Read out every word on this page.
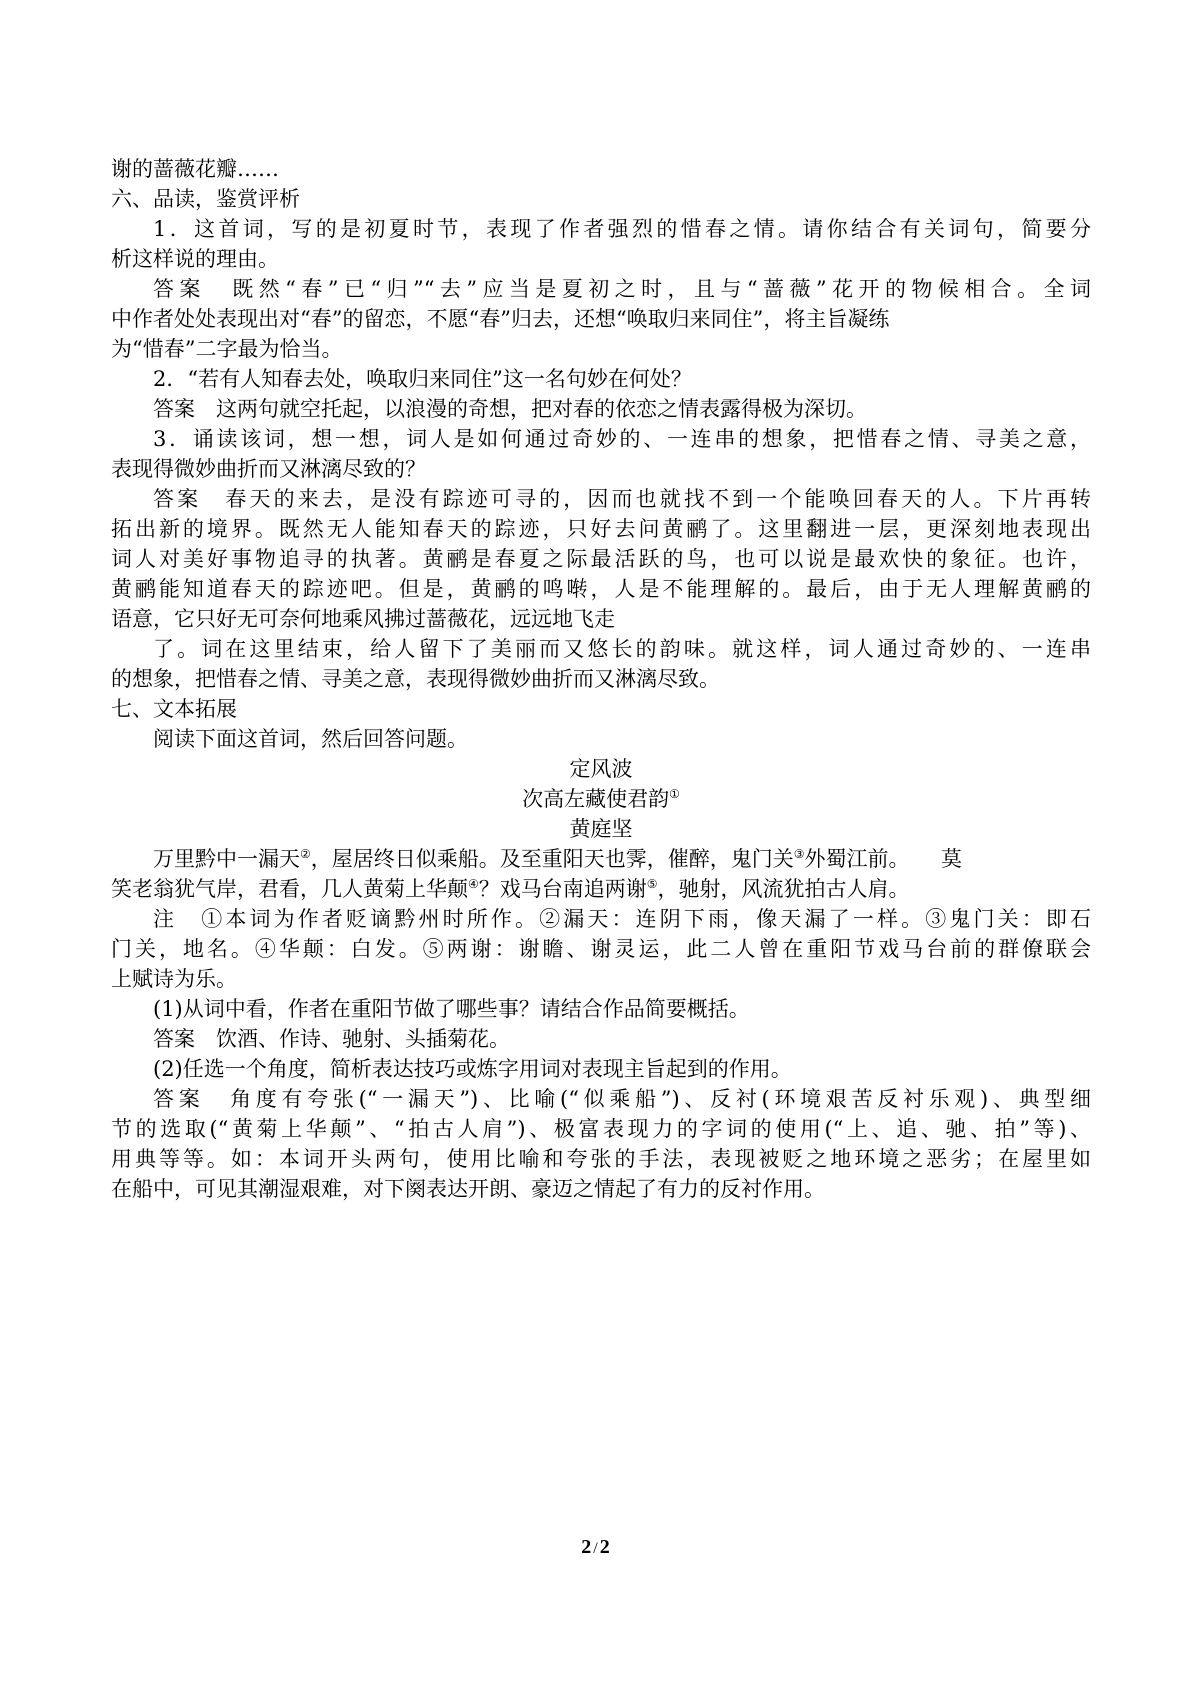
谢的蔷薇花瓣……
六、品读，鉴赏评析
1．这首词，写的是初夏时节，表现了作者强烈的惜春之情。请你结合有关词句，简要分
析这样说的理由。
答案　既然“春”已“归”“去”应当是夏初之时，且与“蔷薇”花开的物候相合。全词
中作者处处表现出对“春”的留恋，不愿“春”归去，还想“唤取归来同住”，将主旨凝练
为“惜春”二字最为恰当。
2．“若有人知春去处，唤取归来同住”这一名句妙在何处？
答案　这两句就空托起，以浪漫的奇想，把对春的依恋之情表露得极为深切。
3．诵读该词，想一想，词人是如何通过奇妙的、一连串的想象，把惜春之情、寻美之意，
表现得微妙曲折而又淋漓尽致的？
答案　春天的来去，是没有踪迹可寻的，因而也就找不到一个能唤回春天的人。下片再转
拓出新的境界。既然无人能知春天的踪迹，只好去问黄鹂了。这里翻进一层，更深刻地表现出
词人对美好事物追寻的执著。黄鹂是春夏之际最活跃的鸟，也可以说是最欢快的象征。也许，
黄鹂能知道春天的踪迹吧。但是，黄鹂的鸣啭，人是不能理解的。最后，由于无人理解黄鹂的
语意，它只好无可奈何地乘风拂过蔷薇花，远远地飞走
了。词在这里结束，给人留下了美丽而又悠长的韵味。就这样，词人通过奇妙的、一连串
的想象，把惜春之情、寻美之意，表现得微妙曲折而又淋漓尽致。
七、文本拓展
阅读下面这首词，然后回答问题。
定风波
次高左藏使君韵①
黄庭坚
万里黔中一漏天②，屋居终日似乘船。及至重阳天也霁，催醉，鬼门关③外蜀江前。　　莫
笑老翁犹气岸，君看，几人黄菊上华颠④？戏马台南追两谢⑤，驰射，风流犹拍古人肩。
注　①本词为作者贬谪黔州时所作。②漏天：连阴下雨，像天漏了一样。③鬼门关：即石
门关，地名。④华颠：白发。⑤两谢：谢瞻、谢灵运，此二人曾在重阳节戏马台前的群僚联会
上赋诗为乐。
(1)从词中看，作者在重阳节做了哪些事？请结合作品简要概括。
答案　饮酒、作诗、驰射、头插菊花。
(2)任选一个角度，简析表达技巧或炼字用词对表现主旨起到的作用。
答案　角度有夸张(“一漏天”)、比喻(“似乘船”)、反衬(环境艰苦反衬乐观)、典型细
节的选取(“黄菊上华颠”、“拍古人肩”)、极富表现力的字词的使用(“上、追、驰、拍”等)、
用典等等。如：本词开头两句，使用比喻和夸张的手法，表现被贬之地环境之恶劣；在屋里如
在船中，可见其潮湿艰难，对下阕表达开朗、豪迈之情起了有力的反衬作用。
2 / 2
